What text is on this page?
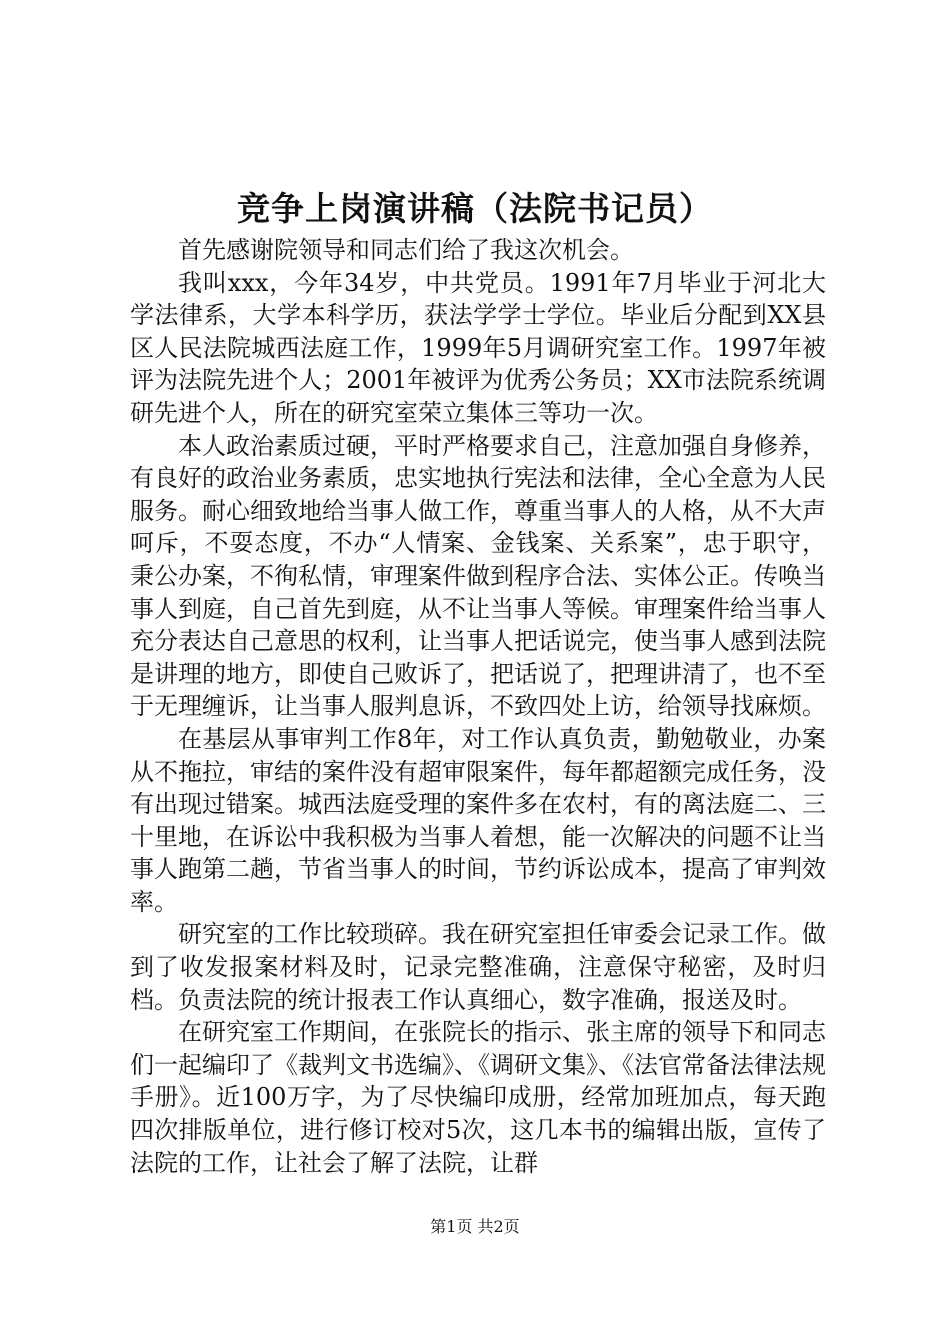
竞争上岗演讲稿（法院书记员）

首先感谢院领导和同志们给了我这次机会。

我叫xxx，今年34岁，中共党员。1991年7月毕业于河北大学法律系，大学本科学历，获法学学士学位。毕业后分配到XX县区人民法院城西法庭工作，1999年5月调研究室工作。1997年被评为法院先进个人；2001年被评为优秀公务员；XX市法院系统调研先进个人，所在的研究室荣立集体三等功一次。

本人政治素质过硬，平时严格要求自己，注意加强自身修养，有良好的政治业务素质，忠实地执行宪法和法律，全心全意为人民服务。耐心细致地给当事人做工作，尊重当事人的人格，从不大声呵斥，不耍态度，不办“人情案、金钱案、关系案”，忠于职守，秉公办案，不徇私情，审理案件做到程序合法、实体公正。传唤当事人到庭，自己首先到庭，从不让当事人等候。审理案件给当事人充分表达自己意思的权利，让当事人把话说完，使当事人感到法院是讲理的地方，即使自己败诉了，把话说了，把理讲清了，也不至于无理缠诉，让当事人服判息诉，不致四处上访，给领导找麻烦。

在基层从事审判工作8年，对工作认真负责，勤勉敬业，办案从不拖拉，审结的案件没有超审限案件，每年都超额完成任务，没有出现过错案。城西法庭受理的案件多在农村，有的离法庭二、三十里地，在诉讼中我积极为当事人着想，能一次解决的问题不让当事人跑第二趟，节省当事人的时间，节约诉讼成本，提高了审判效率。

研究室的工作比较琐碎。我在研究室担任审委会记录工作。做到了收发报案材料及时，记录完整准确，注意保守秘密，及时归档。负责法院的统计报表工作认真细心，数字准确，报送及时。

在研究室工作期间，在张院长的指示、张主席的领导下和同志们一起编印了《裁判文书选编》、《调研文集》、《法官常备法律法规手册》。近100万字，为了尽快编印成册，经常加班加点，每天跑四次排版单位，进行修订校对5次，这几本书的编辑出版，宣传了法院的工作，让社会了解了法院，让群

第1页 共2页
